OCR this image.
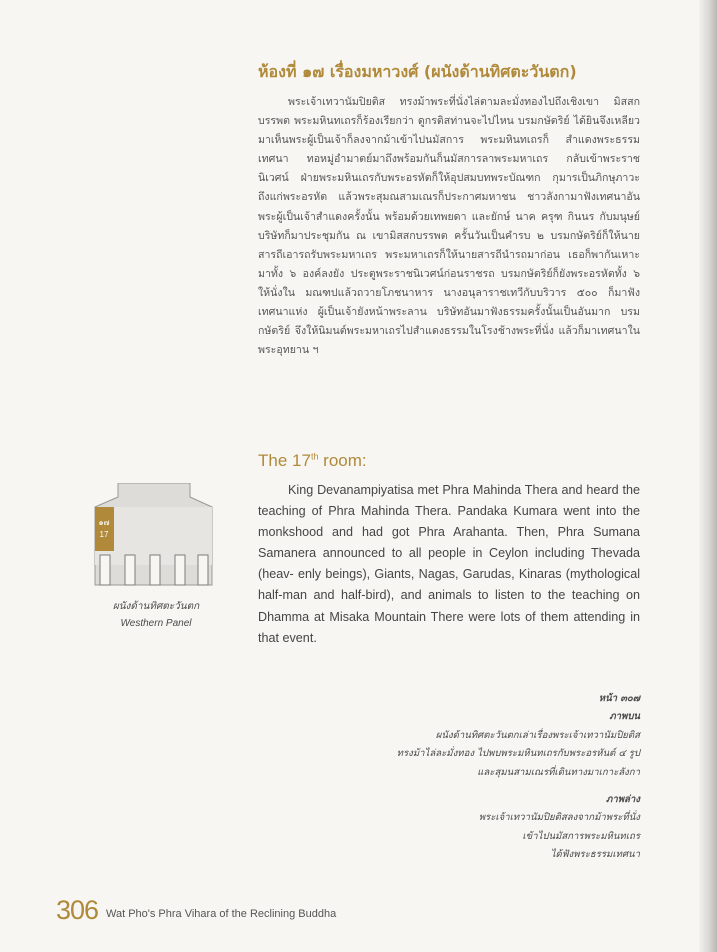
ห้องที่ ๑๗ เรื่องมหาวงศ์ (ผนังด้านทิศตะวันตก)

พระเจ้าเทวานัมปิยติส ทรงม้าพระที่นั่งไล่ตามละมั่งทองไปถึงเชิงเขา มิสสกบรรพต พระมหินทเถรก็ร้องเรียกว่า ดูกรติสท่านจะไปไหน บรมกษัตริย์ ได้ยินจึงเหลียวมาเห็นพระผู้เป็นเจ้าก็ลงจากม้าเข้าไปนมัสการ พระมหินทเถรก็ สำแดงพระธรรมเทศนา ทอหมู่อำมาตย์มาถึงพร้อมกันก็นมัสการลาพระมหาเถร กลับเข้าพระราชนิเวศน์ ฝ่ายพระมหินเถรกับพระอรหัตก็ให้อุปสมบทพระบัณฑก กุมารเป็นภิกษุภาวะถึงแก่พระอรหัต แล้วพระสุมณสามเณรก็ประกาศมหาชน ชาวลังกามาฟังเทศนาอันพระผู้เป็นเจ้าสำแดงครั้งนั้น พร้อมด้วยเทพยดา และยักษ์ นาค ครุฑ กินนร กับมนุษย์บริษัทก็มาประชุมกัน ณ เขามิสสกบรรพต ครั้นวันเป็นคำรบ ๒ บรมกษัตริย์ก็ให้นายสารถีเอารถรับพระมหาเถร พระมหาเถรก็ให้นายสารถีนำรถมาก่อน เธอก็พากันเหาะมาทั้ง ๖ องค์ลงยัง ประตูพระราชนิเวศน์ก่อนราชรถ บรมกษัตริย์ก็ยังพระอรหัตทั้ง ๖ ให้นั่งใน มณฑปแล้วถวายโภชนาหาร นางอนุลาราชเทวีกับบริวาร ๕๐๐ ก็มาฟังเทศนาแห่ง ผู้เป็นเจ้ายังหน้าพระลาน บริษัทอันมาฟังธรรมครั้งนั้นเป็นอันมาก บรมกษัตริย์ จึงให้นิมนต์พระมหาเถรไปสำแดงธรรมในโรงช้างพระที่นั่ง แล้วก็มาเทศนาใน พระอุทยาน ฯ

The 17th room:

King Devanampiyatisa met Phra Mahinda Thera and heard the teaching of Phra Mahinda Thera. Pandaka Kumara went into the monkshood and had got Phra Arahanta. Then, Phra Sumana Samanera announced to all people in Ceylon including Thevada (heav- enly beings), Giants, Nagas, Garudas, Kinaras (mythological half-man and half-bird), and animals to listen to the teaching on Dhamma at Misaka Mountain There were lots of them attending in that event.

๑๗
17
ผนังด้านทิศตะวันตก
Westhern Panel
หน้า ๓๐๗
ภาพบน
ผนังด้านทิศตะวันตกเล่าเรื่องพระเจ้าเทวานัมปิยติส
ทรงม้าไล่ละมั่งทอง ไปพบพระมหินทเถรกับพระอรหันต์ ๔ รูป
และสุมนสามเณรที่เดินทางมาเกาะลังกา
ภาพล่าง
พระเจ้าเทวานัมปิยติสลงจากม้าพระที่นั่ง
เข้าไปนมัสการพระมหินทเถร
ได้ฟังพระธรรมเทศนา
306 Wat Pho's Phra Vihara of the Reclining Buddha
